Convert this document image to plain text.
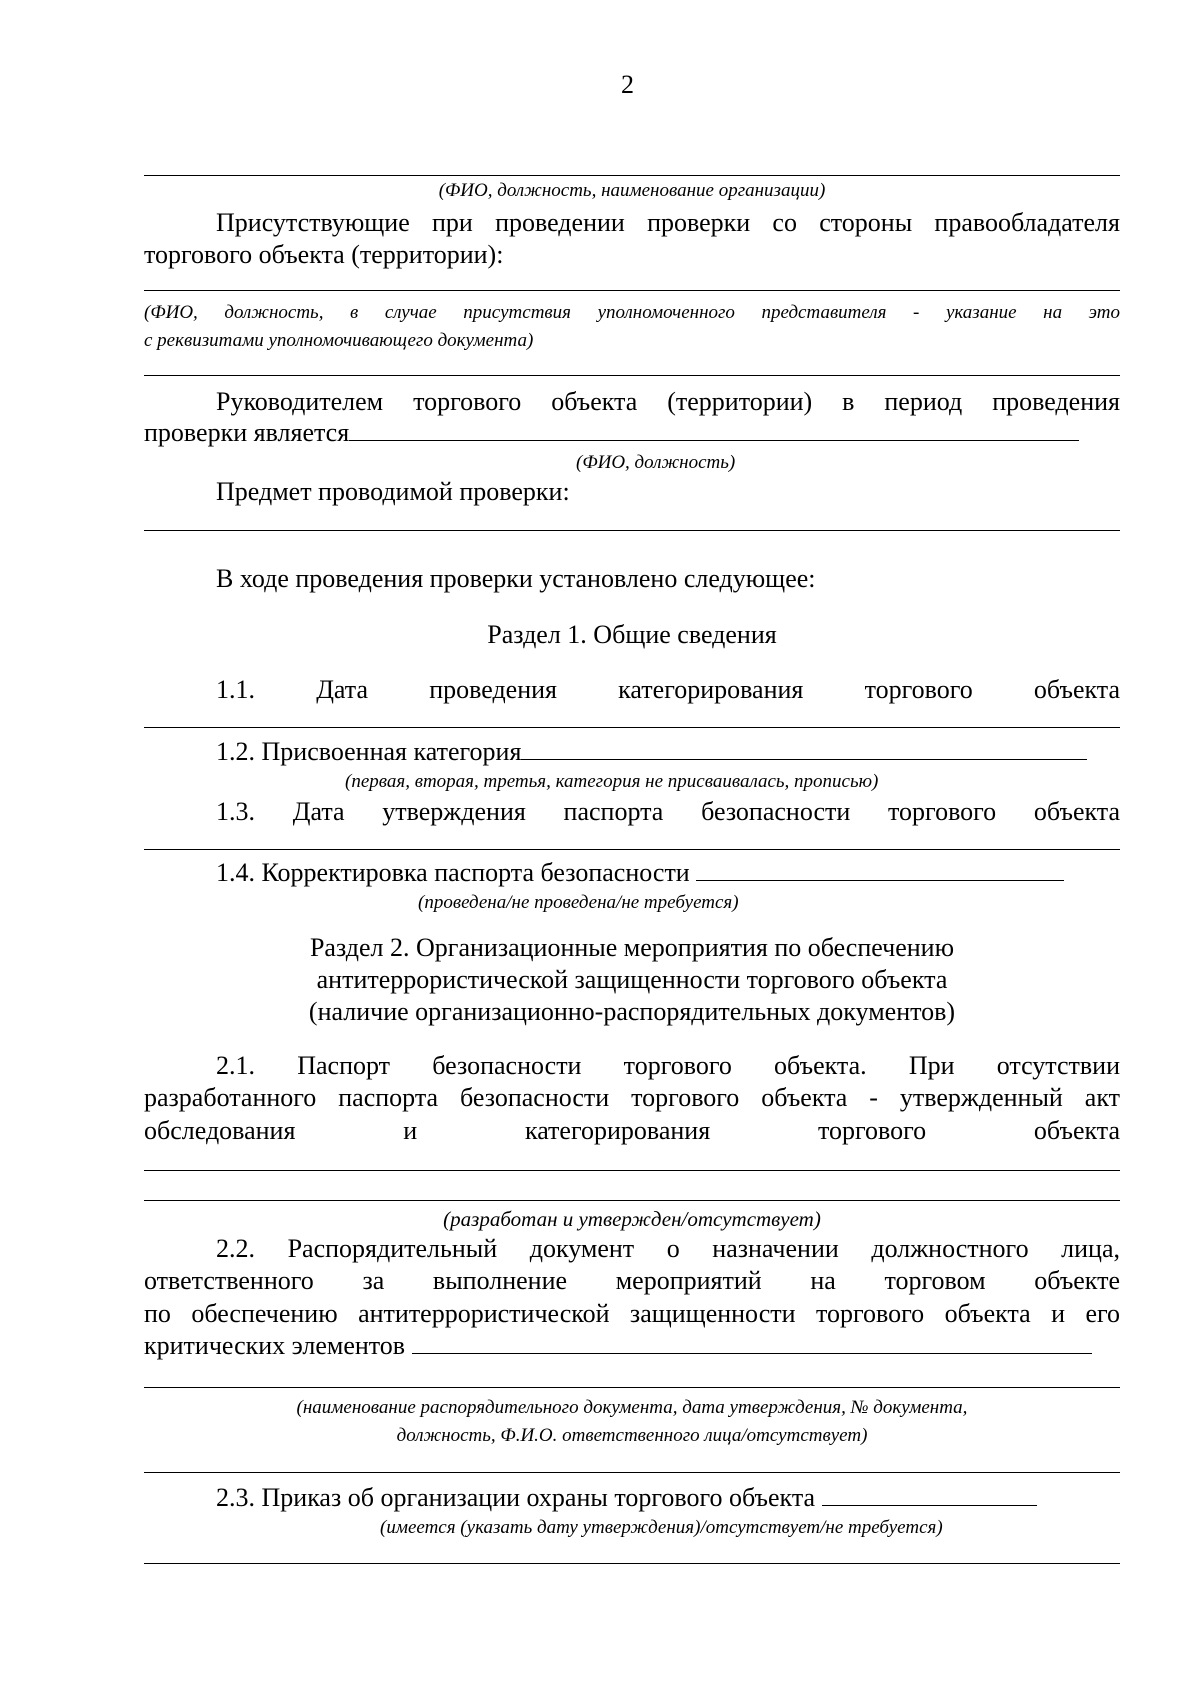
2
(ФИО, должность, наименование организации)
Присутствующие при проведении проверки со стороны правообладателя
торгового объекта (территории):
(ФИО, должность, в случае присутствия уполномоченного представителя - указание на это
с реквизитами уполномочивающего документа)
Руководителем торгового объекта (территории) в период проведения
проверки является
(ФИО, должность)
Предмет проводимой проверки:
В ходе проведения проверки установлено следующее:
Раздел 1. Общие сведения
1.1. Дата проведения категорирования торгового объекта
1.2. Присвоенная категория
(первая, вторая, третья, категория не присваивалась, прописью)
1.3. Дата утверждения паспорта безопасности торгового объекта
1.4. Корректировка паспорта безопасности
(проведена/не проведена/не требуется)
Раздел 2. Организационные мероприятия по обеспечению
антитеррористической защищенности торгового объекта
(наличие организационно-распорядительных документов)
2.1. Паспорт безопасности торгового объекта. При отсутствии
разработанного паспорта безопасности торгового объекта - утвержденный акт
обследования и категорирования торгового объекта
(разработан и утвержден/отсутствует)
2.2. Распорядительный документ о назначении должностного лица,
ответственного за выполнение мероприятий на торговом объекте
по обеспечению антитеррористической защищенности торгового объекта и его
критических элементов
(наименование распорядительного документа, дата утверждения, № документа,
должность, Ф.И.О. ответственного лица/отсутствует)
2.3. Приказ об организации охраны торгового объекта
(имеется (указать дату утверждения)/отсутствует/не требуется)
